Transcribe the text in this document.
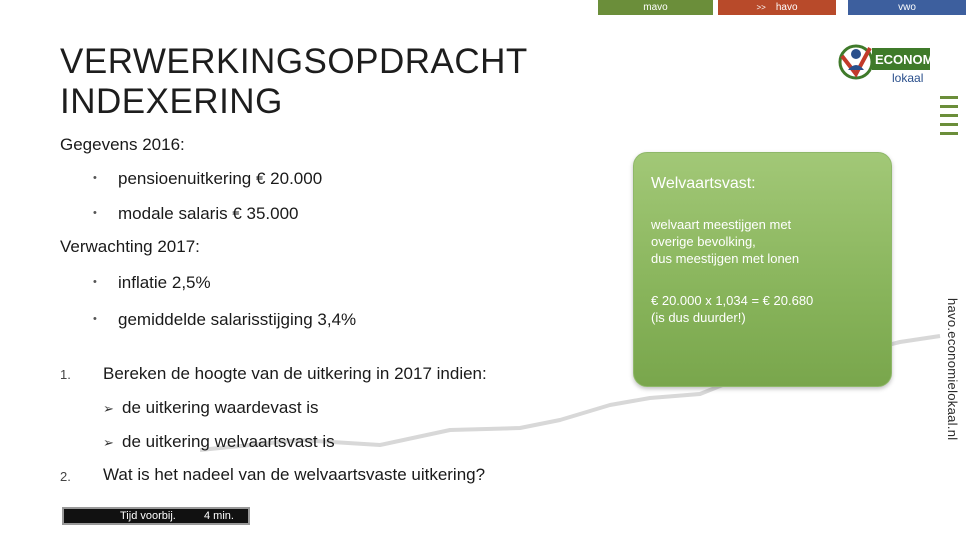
mavo	>> havo	vwo
VERWERKINGSOPDRACHT
INDEXERING
ECONOMIE
lokaal
havo.economielokaal.nl
Gegevens 2016:
• pensioenuitkering € 20.000
• modale salaris € 35.000
Verwachting 2017:
• inflatie 2,5%
• gemiddelde salarisstijging 3,4%
1. Bereken de hoogte van de uitkering in 2017 indien:
➢ de uitkering waardevast is
➢ de uitkering welvaartsvast is
2. Wat is het nadeel van de welvaartsvaste uitkering?
Tijd voorbij.	4 min.
Welvaartsvast:
welvaart meestijgen met
overige bevolking,
dus meestijgen met lonen
€ 20.000 x 1,034 = € 20.680
(is dus duurder!)
